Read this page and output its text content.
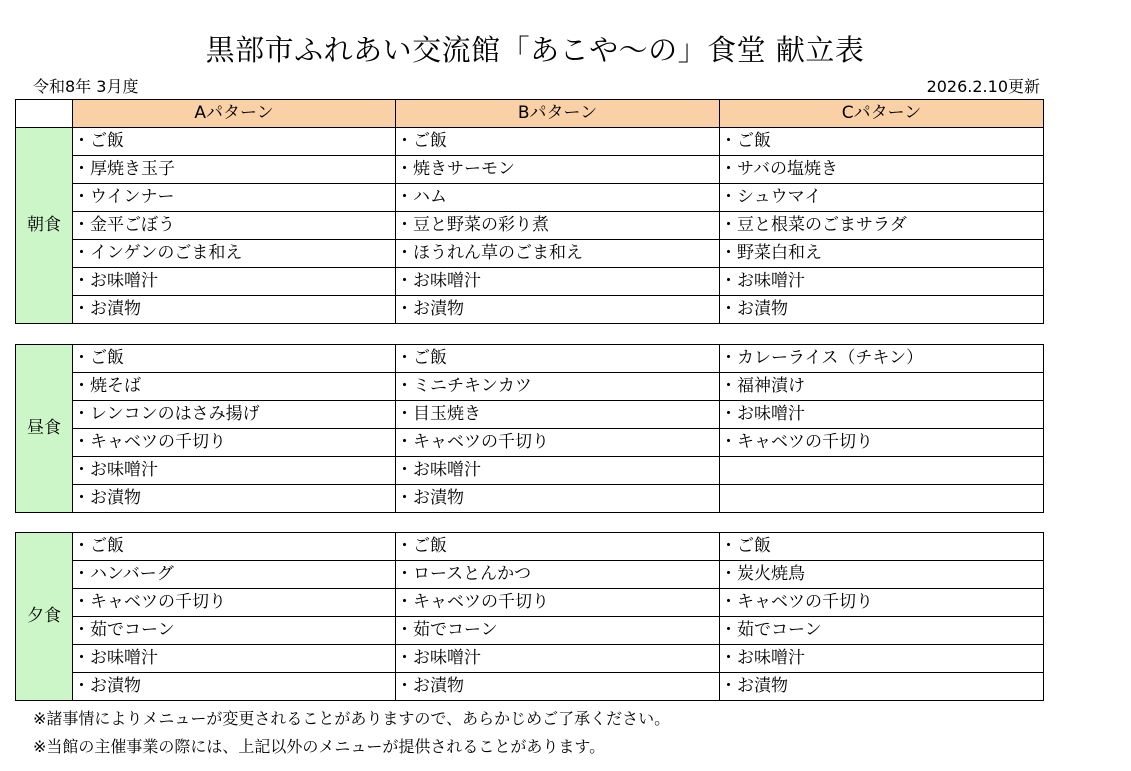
黒部市ふれあい交流館「あこや～の」食堂 献立表
令和8年 3月度	2026.2.10更新
	Aパターン	Bパターン	Cパターン
朝食	・ご飯	・ご飯	・ご飯
	・厚焼き玉子	・焼きサーモン	・サバの塩焼き
	・ウインナー	・ハム	・シュウマイ
	・金平ごぼう	・豆と野菜の彩り煮	・豆と根菜のごまサラダ
	・インゲンのごま和え	・ほうれん草のごま和え	・野菜白和え
	・お味噌汁	・お味噌汁	・お味噌汁
	・お漬物	・お漬物	・お漬物
昼食	・ご飯	・ご飯	・カレーライス（チキン）
	・焼そば	・ミニチキンカツ	・福神漬け
	・レンコンのはさみ揚げ	・目玉焼き	・お味噌汁
	・キャベツの千切り	・キャベツの千切り	・キャベツの千切り
	・お味噌汁	・お味噌汁	
	・お漬物	・お漬物	
夕食	・ご飯	・ご飯	・ご飯
	・ハンバーグ	・ロースとんかつ	・炭火焼鳥
	・キャベツの千切り	・キャベツの千切り	・キャベツの千切り
	・茹でコーン	・茹でコーン	・茹でコーン
	・お味噌汁	・お味噌汁	・お味噌汁
	・お漬物	・お漬物	・お漬物
※諸事情によりメニューが変更されることがありますので、あらかじめご了承ください。
※当館の主催事業の際には、上記以外のメニューが提供されることがあります。
